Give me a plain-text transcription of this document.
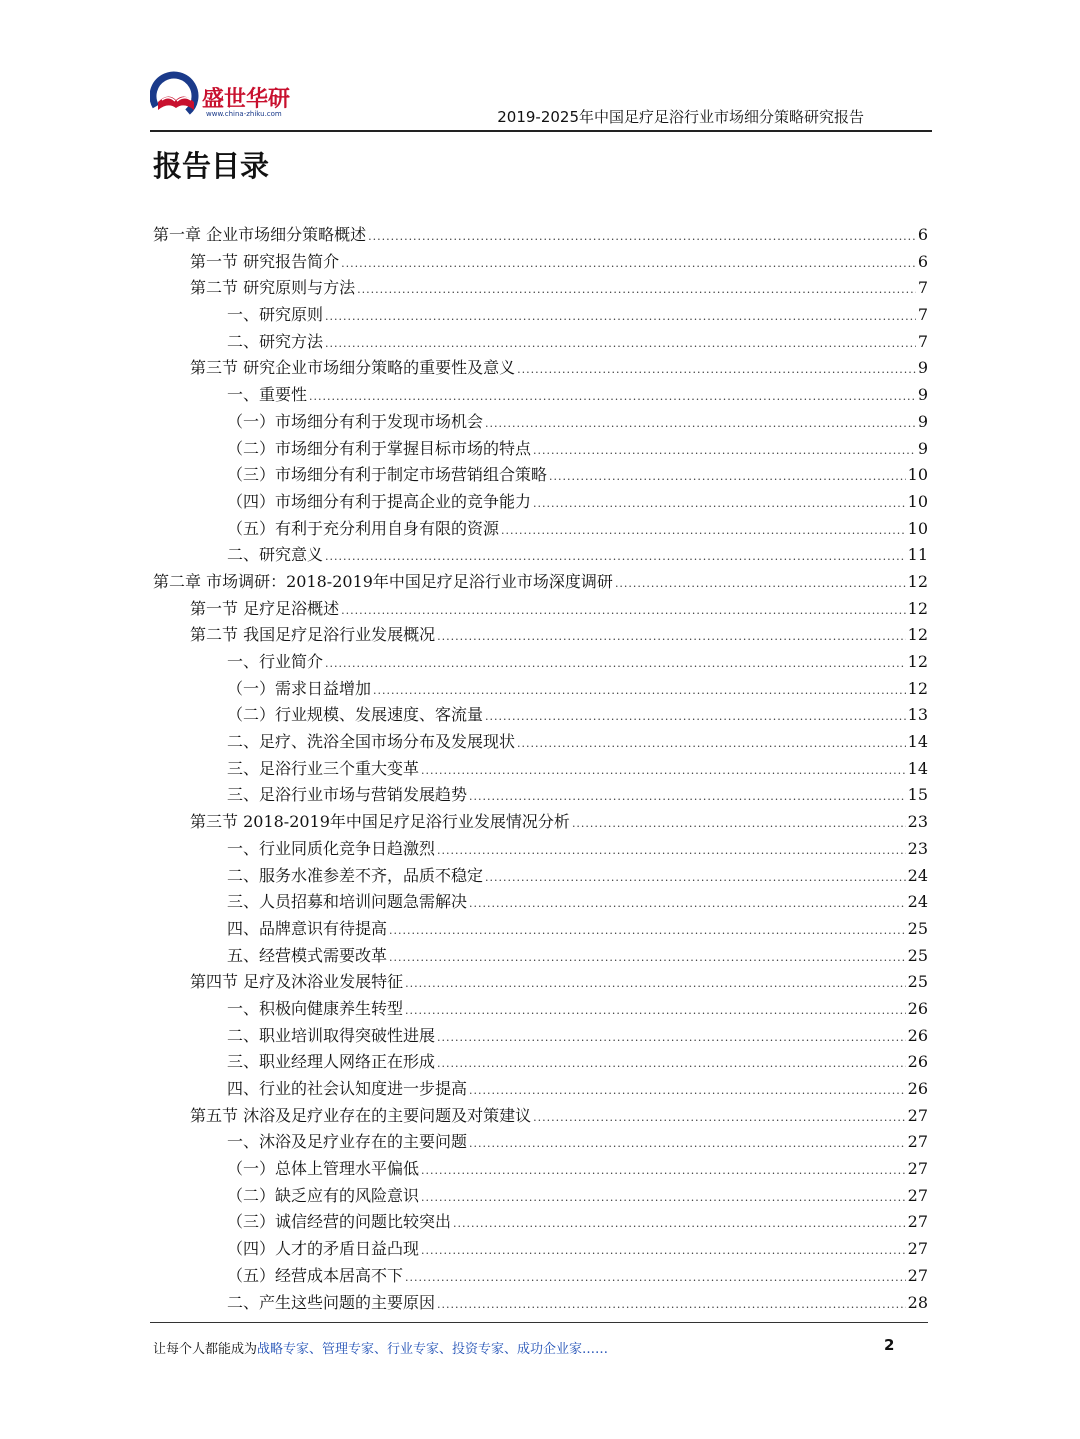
盛世华研
www.china-zhiku.com	2019-2025年中国足疗足浴行业市场细分策略研究报告
报告目录
第一章 企业市场细分策略概述 .....	6
第一节 研究报告简介 .....	6
第二节 研究原则与方法 .....	7
一、研究原则 .....	7
二、研究方法 .....	7
第三节 研究企业市场细分策略的重要性及意义 .....	9
一、重要性 .....	9
（一）市场细分有利于发现市场机会 .....	9
（二）市场细分有利于掌握目标市场的特点 .....	9
（三）市场细分有利于制定市场营销组合策略 .....	10
（四）市场细分有利于提高企业的竞争能力 .....	10
（五）有利于充分利用自身有限的资源 .....	10
二、研究意义 .....	11
第二章 市场调研：2018-2019年中国足疗足浴行业市场深度调研 .....	12
第一节 足疗足浴概述 .....	12
第二节 我国足疗足浴行业发展概况 .....	12
一、行业简介 .....	12
（一）需求日益增加 .....	12
（二）行业规模、发展速度、客流量 .....	13
二、足疗、洗浴全国市场分布及发展现状 .....	14
三、足浴行业三个重大变革 .....	14
三、足浴行业市场与营销发展趋势 .....	15
第三节 2018-2019年中国足疗足浴行业发展情况分析 .....	23
一、行业同质化竞争日趋激烈 .....	23
二、服务水准参差不齐，品质不稳定 .....	24
三、人员招募和培训问题急需解决 .....	24
四、品牌意识有待提高 .....	25
五、经营模式需要改革 .....	25
第四节 足疗及沐浴业发展特征 .....	25
一、积极向健康养生转型 .....	26
二、职业培训取得突破性进展 .....	26
三、职业经理人网络正在形成 .....	26
四、行业的社会认知度进一步提高 .....	26
第五节 沐浴及足疗业存在的主要问题及对策建议 .....	27
一、沐浴及足疗业存在的主要问题 .....	27
（一）总体上管理水平偏低 .....	27
（二）缺乏应有的风险意识 .....	27
（三）诚信经营的问题比较突出 .....	27
（四）人才的矛盾日益凸现 .....	27
（五）经营成本居高不下 .....	27
二、产生这些问题的主要原因 .....	28
让每个人都能成为战略专家、管理专家、行业专家、投资专家、成功企业家……	2
